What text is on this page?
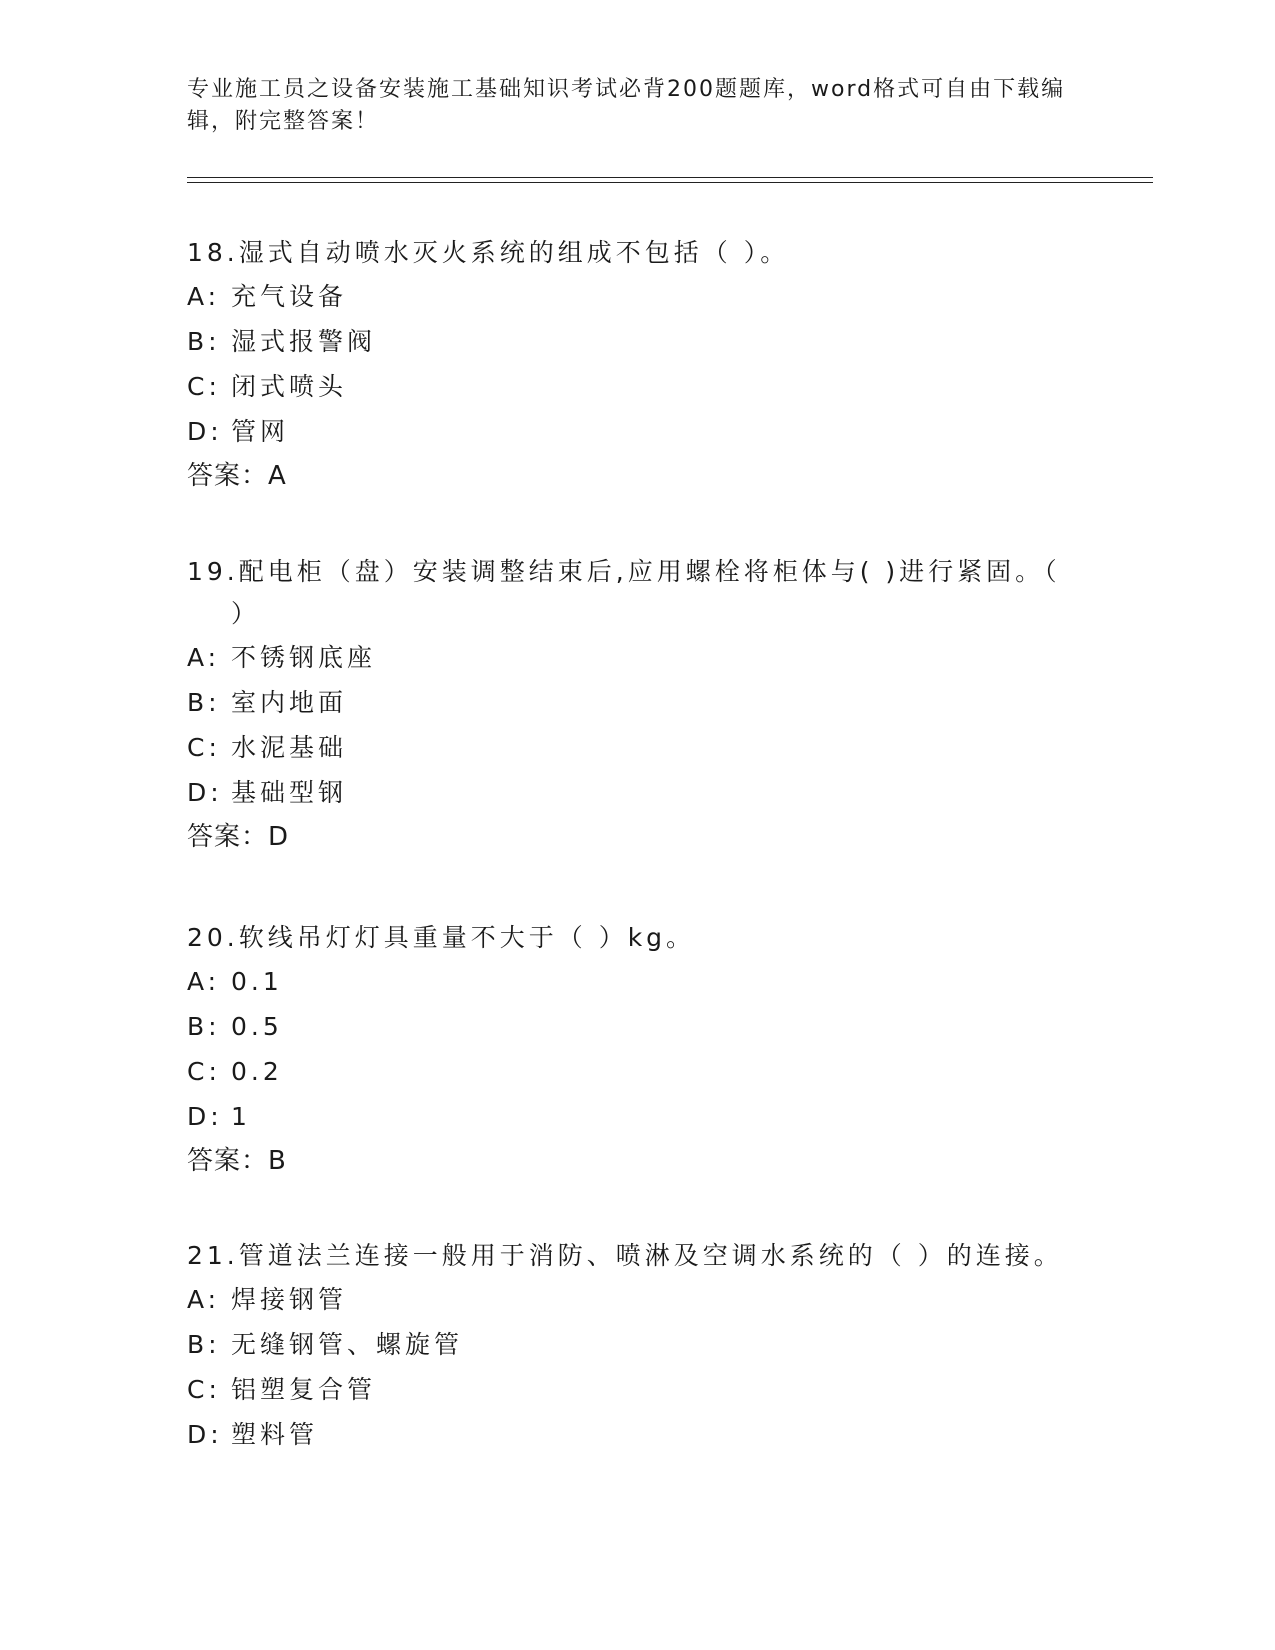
专业施工员之设备安装施工基础知识考试必背200题题库，word格式可自由下载编辑，附完整答案！

18.湿式自动喷水灭火系统的组成不包括（ ）。

A: 充气设备

B: 湿式报警阀

C: 闭式喷头

D: 管网

答案：A

19.配电柜（盘）安装调整结束后,应用螺栓将柜体与( )进行紧固。（ ）

A: 不锈钢底座

B: 室内地面

C: 水泥基础

D: 基础型钢

答案：D

20.软线吊灯灯具重量不大于（ ）kg。

A: 0.1

B: 0.5

C: 0.2

D: 1

答案：B

21.管道法兰连接一般用于消防、喷淋及空调水系统的（ ）的连接。

A: 焊接钢管

B: 无缝钢管、螺旋管

C: 铝塑复合管

D: 塑料管
